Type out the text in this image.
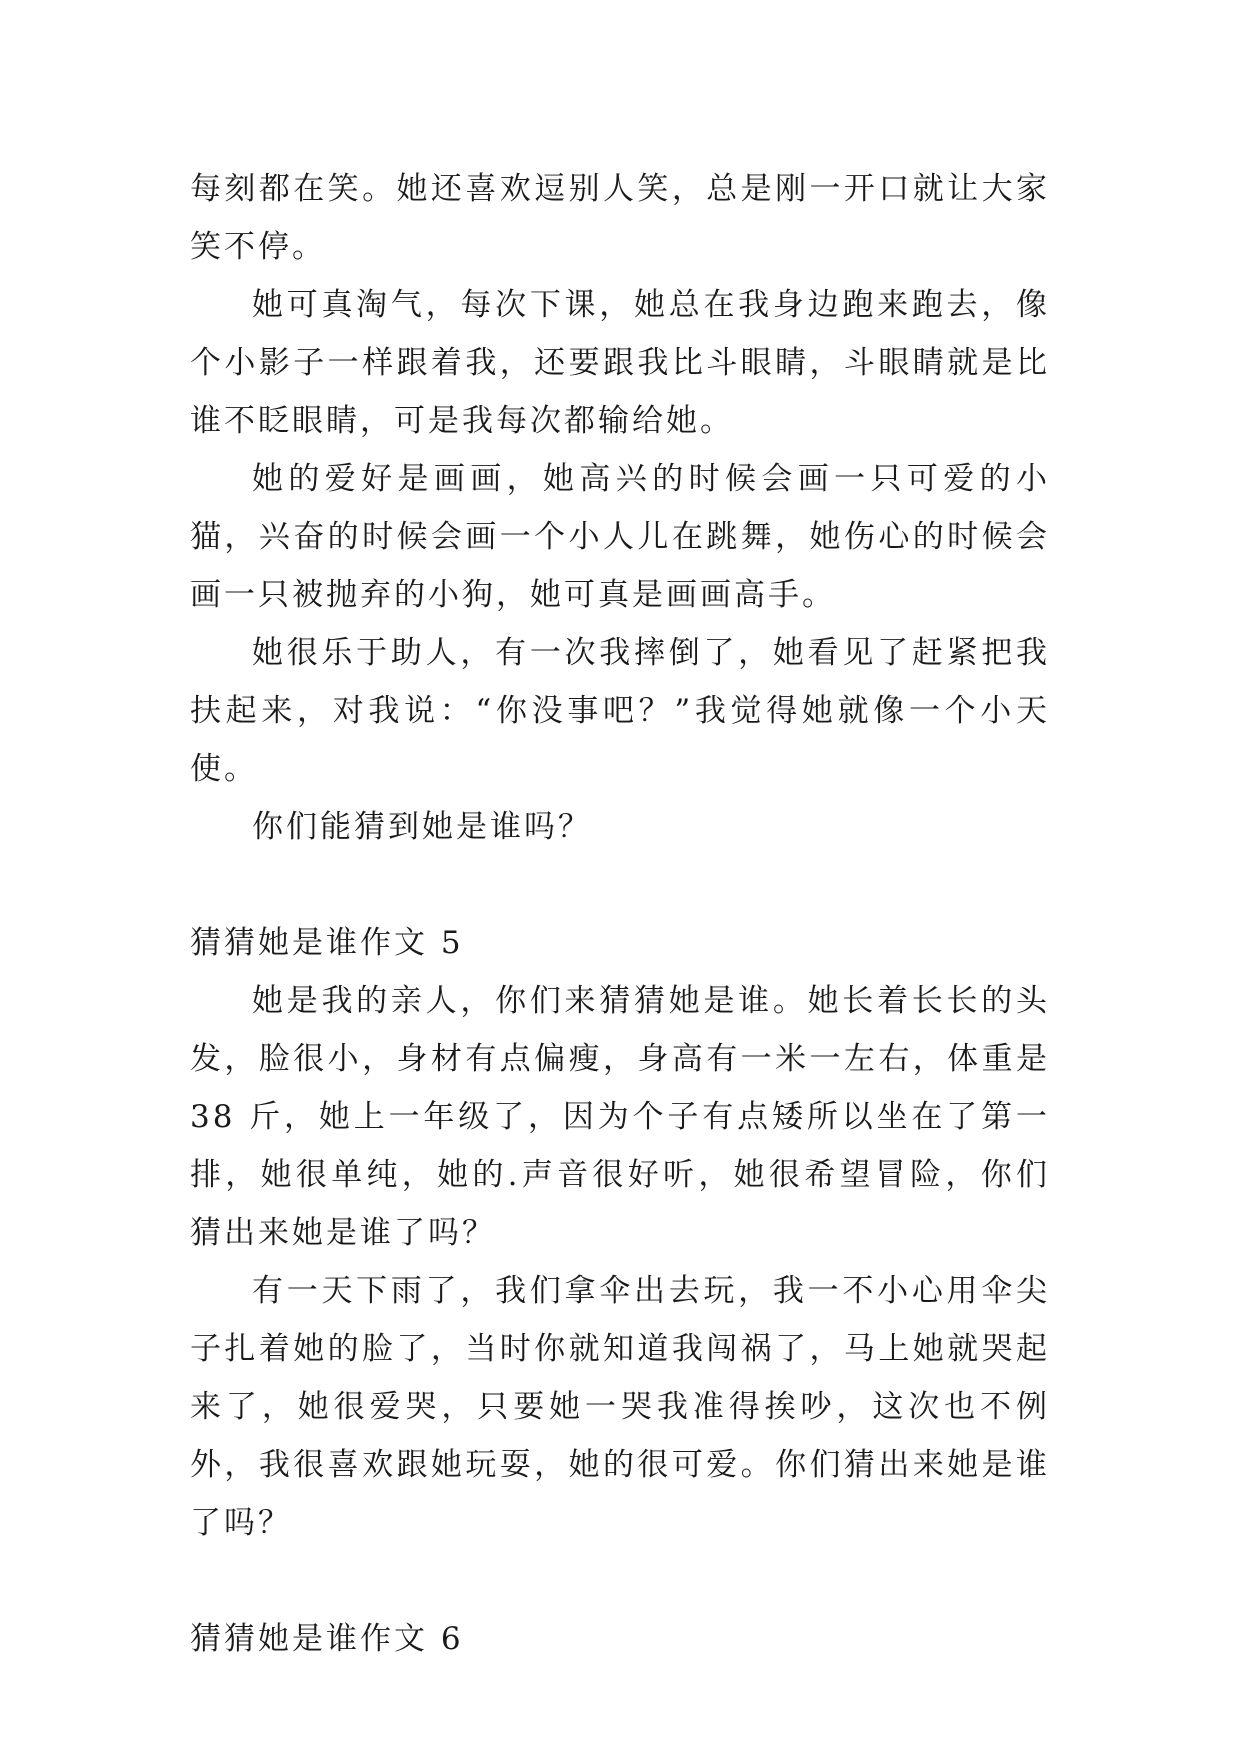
每刻都在笑。她还喜欢逗别人笑，总是刚一开口就让大家笑不停。

她可真淘气，每次下课，她总在我身边跑来跑去，像个小影子一样跟着我，还要跟我比斗眼睛，斗眼睛就是比谁不眨眼睛，可是我每次都输给她。

她的爱好是画画，她高兴的时候会画一只可爱的小猫，兴奋的时候会画一个小人儿在跳舞，她伤心的时候会画一只被抛弃的小狗，她可真是画画高手。

她很乐于助人，有一次我摔倒了，她看见了赶紧把我扶起来，对我说：“你没事吧？”我觉得她就像一个小天使。

你们能猜到她是谁吗？

猜猜她是谁作文 5

她是我的亲人，你们来猜猜她是谁。她长着长长的头发，脸很小，身材有点偏瘦，身高有一米一左右，体重是 38 斤，她上一年级了，因为个子有点矮所以坐在了第一排，她很单纯，她的.声音很好听，她很希望冒险，你们猜出来她是谁了吗？

有一天下雨了，我们拿伞出去玩，我一不小心用伞尖子扎着她的脸了，当时你就知道我闯祸了，马上她就哭起来了，她很爱哭，只要她一哭我准得挨吵，这次也不例外，我很喜欢跟她玩耍，她的很可爱。你们猜出来她是谁了吗？

猜猜她是谁作文 6
